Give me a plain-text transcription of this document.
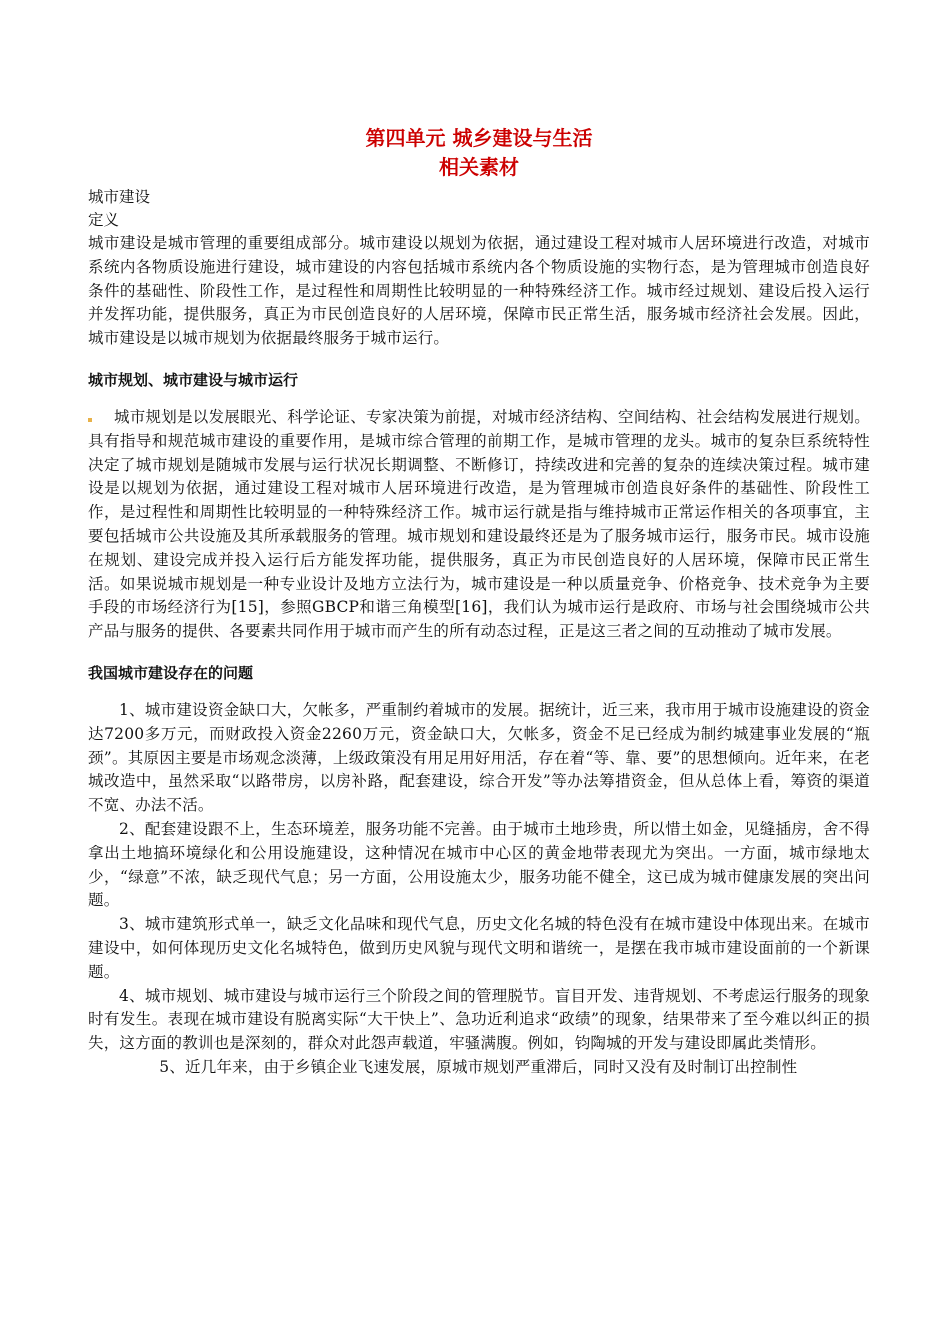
第四单元 城乡建设与生活
相关素材

城市建设

定义

城市建设是城市管理的重要组成部分。城市建设以规划为依据，通过建设工程对城市人居环境进行改造，对城市系统内各物质设施进行建设，城市建设的内容包括城市系统内各个物质设施的实物行态，是为管理城市创造良好条件的基础性、阶段性工作，是过程性和周期性比较明显的一种特殊经济工作。城市经过规划、建设后投入运行并发挥功能，提供服务，真正为市民创造良好的人居环境，保障市民正常生活，服务城市经济社会发展。因此，城市建设是以城市规划为依据最终服务于城市运行。

城市规划、城市建设与城市运行

城市规划是以发展眼光、科学论证、专家决策为前提，对城市经济结构、空间结构、社会结构发展进行规划。具有指导和规范城市建设的重要作用，是城市综合管理的前期工作，是城市管理的龙头。城市的复杂巨系统特性决定了城市规划是随城市发展与运行状况长期调整、不断修订，持续改进和完善的复杂的连续决策过程。城市建设是以规划为依据，通过建设工程对城市人居环境进行改造，是为管理城市创造良好条件的基础性、阶段性工作，是过程性和周期性比较明显的一种特殊经济工作。城市运行就是指与维持城市正常运作相关的各项事宜，主要包括城市公共设施及其所承载服务的管理。城市规划和建设最终还是为了服务城市运行，服务市民。城市设施在规划、建设完成并投入运行后方能发挥功能，提供服务，真正为市民创造良好的人居环境，保障市民正常生活。如果说城市规划是一种专业设计及地方立法行为，城市建设是一种以质量竞争、价格竞争、技术竞争为主要手段的市场经济行为[15]，参照GBCP和谐三角模型[16]，我们认为城市运行是政府、市场与社会围绕城市公共产品与服务的提供、各要素共同作用于城市而产生的所有动态过程，正是这三者之间的互动推动了城市发展。

我国城市建设存在的问题

1、城市建设资金缺口大，欠帐多，严重制约着城市的发展。据统计，近三来，我市用于城市设施建设的资金达7200多万元，而财政投入资金2260万元，资金缺口大，欠帐多，资金不足已经成为制约城建事业发展的“瓶颈”。其原因主要是市场观念淡薄，上级政策没有用足用好用活，存在着“等、靠、要”的思想倾向。近年来，在老城改造中，虽然采取“以路带房，以房补路，配套建设，综合开发”等办法筹措资金，但从总体上看，筹资的渠道不宽、办法不活。

2、配套建设跟不上，生态环境差，服务功能不完善。由于城市土地珍贵，所以惜土如金，见缝插房，舍不得拿出土地搞环境绿化和公用设施建设，这种情况在城市中心区的黄金地带表现尤为突出。一方面，城市绿地太少，“绿意”不浓，缺乏现代气息；另一方面，公用设施太少，服务功能不健全，这已成为城市健康发展的突出问题。

3、城市建筑形式单一，缺乏文化品味和现代气息，历史文化名城的特色没有在城市建设中体现出来。在城市建设中，如何体现历史文化名城特色，做到历史风貌与现代文明和谐统一，是摆在我市城市建设面前的一个新课题。

4、城市规划、城市建设与城市运行三个阶段之间的管理脱节。盲目开发、违背规划、不考虑运行服务的现象时有发生。表现在城市建设有脱离实际“大干快上”、急功近利追求“政绩”的现象，结果带来了至今难以纠正的损失，这方面的教训也是深刻的，群众对此怨声载道，牢骚满腹。例如，钧陶城的开发与建设即属此类情形。

5、近几年来，由于乡镇企业飞速发展，原城市规划严重滞后，同时又没有及时制订出控制性
